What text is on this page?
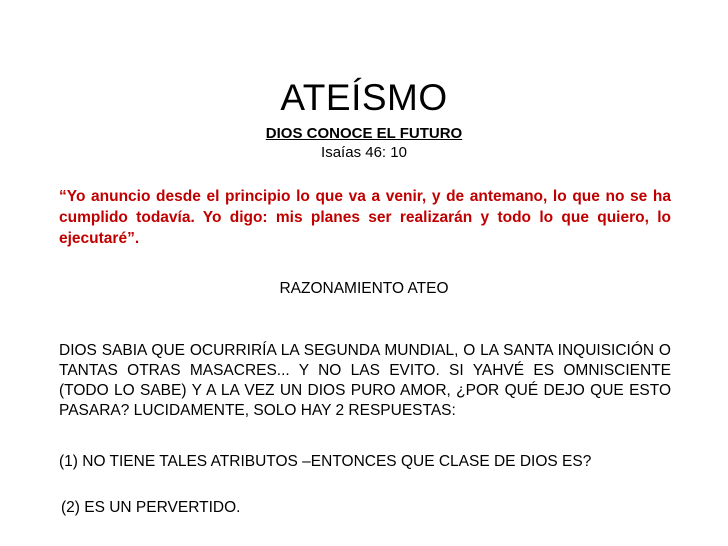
ATEÍSMO
DIOS CONOCE EL FUTURO
Isaías 46: 10
“Yo anuncio desde el principio lo que va a venir, y de antemano, lo que no se ha cumplido todavía. Yo digo: mis planes ser realizarán y todo lo que quiero, lo ejecutaré”.
RAZONAMIENTO ATEO
DIOS SABIA QUE OCURRIRÍA LA SEGUNDA MUNDIAL, O LA SANTA INQUISICIÓN O TANTAS OTRAS MASACRES... Y NO LAS EVITO. SI YAHVÉ ES OMNISCIENTE (TODO LO SABE) Y A LA VEZ UN DIOS PURO AMOR, ¿POR QUÉ DEJO QUE ESTO PASARA? LUCIDAMENTE, SOLO HAY 2 RESPUESTAS:
(1) NO TIENE TALES ATRIBUTOS –ENTONCES QUE CLASE DE DIOS ES?
(2) ES UN PERVERTIDO.
